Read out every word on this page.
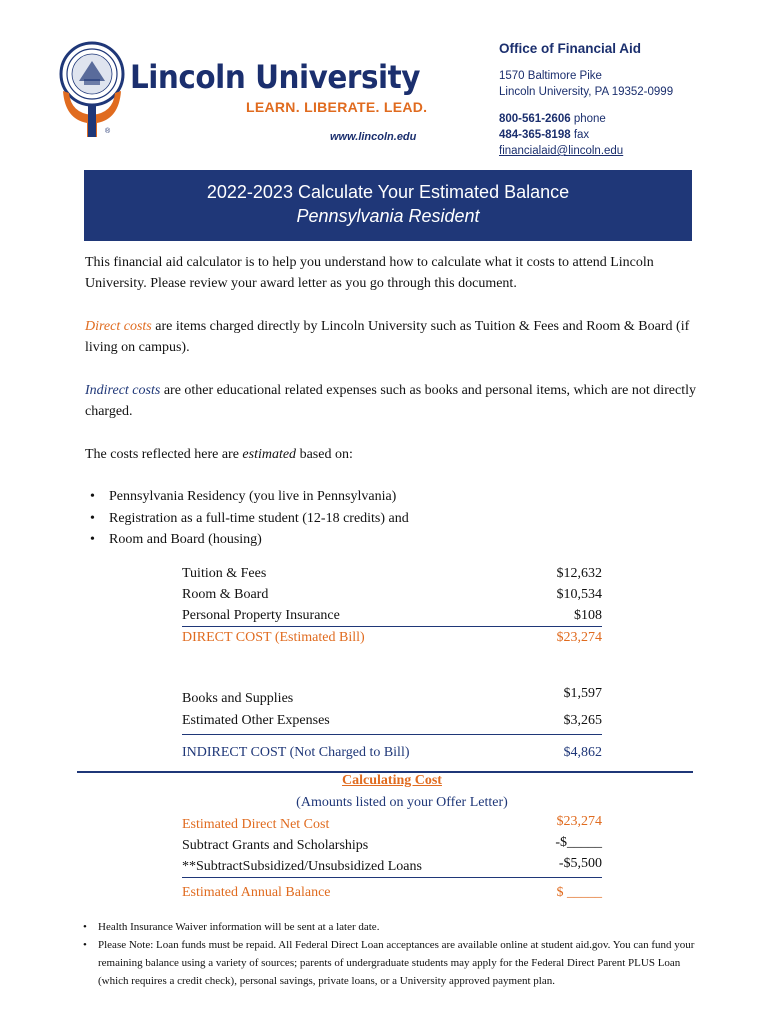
®
Lincoln University
LEARN. LIBERATE. LEAD.
www.lincoln.edu
Office of Financial Aid
1570 Baltimore Pike
Lincoln University, PA 19352-0999
800-561-2606 phone
484-365-8198 fax
financialaid@lincoln.edu
2022-2023 Calculate Your Estimated Balance
Pennsylvania Resident
This financial aid calculator is to help you understand how to calculate what it costs to attend Lincoln University. Please review your award letter as you go through this document.
Direct costs are items charged directly by Lincoln University such as Tuition & Fees and Room & Board (if living on campus).
Indirect costs are other educational related expenses such as books and personal items, which are not directly charged.
The costs reflected here are estimated based on:
• Pennsylvania Residency (you live in Pennsylvania)
• Registration as a full-time student (12-18 credits) and
• Room and Board (housing)
Tuition & Fees	$12,632
Room & Board	$10,534
Personal Property Insurance	$108
DIRECT COST (Estimated Bill)	$23,274
Books and Supplies	$1,597
Estimated Other Expenses	$3,265
INDIRECT COST (Not Charged to Bill)	$4,862
Calculating Cost
(Amounts listed on your Offer Letter)
Estimated Direct Net Cost	$23,274
Subtract Grants and Scholarships	-$_____
**SubtractSubsidized/Unsubsidized Loans	-$5,500
Estimated Annual Balance	$ _____
• Health Insurance Waiver information will be sent at a later date.
• Please Note: Loan funds must be repaid. All Federal Direct Loan acceptances are available online at student aid.gov. You can fund your remaining balance using a variety of sources; parents of undergraduate students may apply for the Federal Direct Parent PLUS Loan (which requires a credit check), personal savings, private loans, or a University approved payment plan.
